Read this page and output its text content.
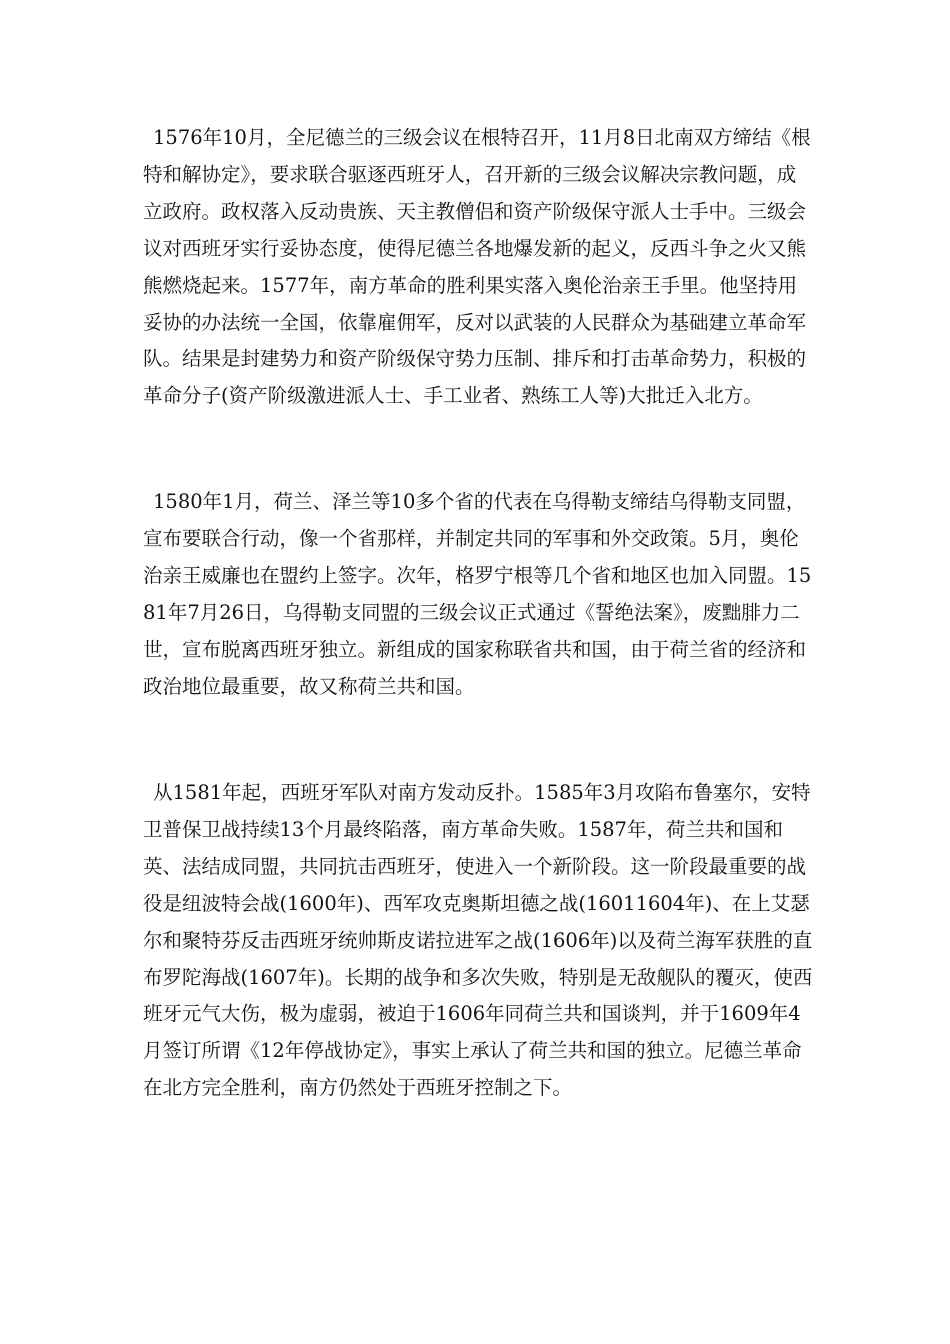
1576年10月，全尼德兰的三级会议在根特召开，11月8日北南双方缔结《根特和解协定》，要求联合驱逐西班牙人，召开新的三级会议解决宗教问题，成立政府。政权落入反动贵族、天主教僧侣和资产阶级保守派人士手中。三级会议对西班牙实行妥协态度，使得尼德兰各地爆发新的起义，反西斗争之火又熊熊燃烧起来。1577年，南方革命的胜利果实落入奥伦治亲王手里。他坚持用妥协的办法统一全国，依靠雇佣军，反对以武装的人民群众为基础建立革命军队。结果是封建势力和资产阶级保守势力压制、排斥和打击革命势力，积极的革命分子(资产阶级激进派人士、手工业者、熟练工人等)大批迁入北方。

1580年1月，荷兰、泽兰等10多个省的代表在乌得勒支缔结乌得勒支同盟，宣布要联合行动，像一个省那样，并制定共同的军事和外交政策。5月，奥伦治亲王威廉也在盟约上签字。次年，格罗宁根等几个省和地区也加入同盟。1581年7月26日，乌得勒支同盟的三级会议正式通过《誓绝法案》，废黜腓力二世，宣布脱离西班牙独立。新组成的国家称联省共和国，由于荷兰省的经济和政治地位最重要，故又称荷兰共和国。

从1581年起，西班牙军队对南方发动反扑。1585年3月攻陷布鲁塞尔，安特卫普保卫战持续13个月最终陷落，南方革命失败。1587年，荷兰共和国和英、法结成同盟，共同抗击西班牙，使进入一个新阶段。这一阶段最重要的战役是纽波特会战(1600年)、西军攻克奥斯坦德之战(16011604年)、在上艾瑟尔和聚特芬反击西班牙统帅斯皮诺拉进军之战(1606年)以及荷兰海军获胜的直布罗陀海战(1607年)。长期的战争和多次失败，特别是无敌舰队的覆灭，使西班牙元气大伤，极为虚弱，被迫于1606年同荷兰共和国谈判，并于1609年4月签订所谓《12年停战协定》，事实上承认了荷兰共和国的独立。尼德兰革命在北方完全胜利，南方仍然处于西班牙控制之下。
